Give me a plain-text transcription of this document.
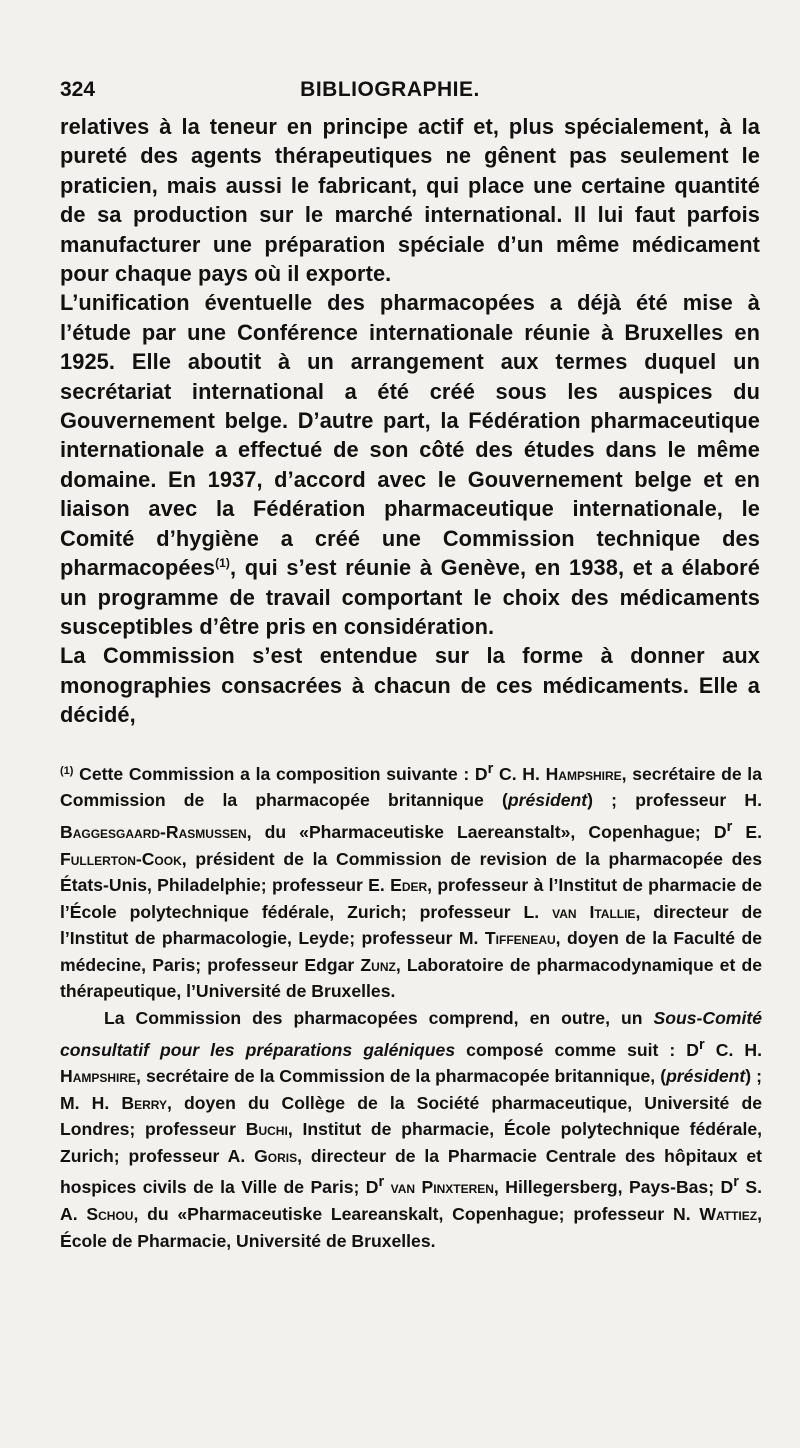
324	BIBLIOGRAPHIE.

relatives à la teneur en principe actif et, plus spécialement, à la pureté des agents thérapeutiques ne gênent pas seulement le praticien, mais aussi le fabricant, qui place une certaine quantité de sa production sur le marché international. Il lui faut parfois manufacturer une préparation spéciale d’un même médicament pour chaque pays où il exporte.

L’unification éventuelle des pharmacopées a déjà été mise à l’étude par une Conférence internationale réunie à Bruxelles en 1925. Elle aboutit à un arrangement aux termes duquel un secrétariat international a été créé sous les auspices du Gouvernement belge. D’autre part, la Fédération pharmaceutique internationale a effectué de son côté des études dans le même domaine. En 1937, d’accord avec le Gouvernement belge et en liaison avec la Fédération pharmaceutique internationale, le Comité d’hygiène a créé une Commission technique des pharmacopées$^{(1)}$, qui s’est réunie à Genève, en 1938, et a élaboré un programme de travail comportant le choix des médicaments susceptibles d’être pris en considération.

La Commission s’est entendue sur la forme à donner aux monographies consacrées à chacun de ces médicaments. Elle a décidé,

$^{(1)}$ Cette Commission a la composition suivante : $D^r$ C. H. Hampshire, secrétaire de la Commission de la pharmacopée britannique (président) ; professeur H. Baggesgaard-Rasmussen, du «Pharmaceutiske Laereanstalt», Copenhague; $D^r$ E. Fullerton-Cook, président de la Commission de revision de la pharmacopée des États-Unis, Philadelphie; professeur E. Eder, professeur à l’Institut de pharmacie de l’École polytechnique fédérale, Zurich; professeur L. van Itallie, directeur de l’Institut de pharmacologie, Leyde; professeur M. Tiffeneau, doyen de la Faculté de médecine, Paris; professeur Edgar Zunz, Laboratoire de pharmacodynamique et de thérapeutique, l’Université de Bruxelles.

La Commission des pharmacopées comprend, en outre, un Sous-Comité consultatif pour les préparations galéniques composé comme suit : $D^r$ C. H. Hampshire, secrétaire de la Commission de la pharmacopée britannique, (président) ; M. H. Berry, doyen du Collège de la Société pharmaceutique, Université de Londres; professeur Buchi, Institut de pharmacie, École polytechnique fédérale, Zurich; professeur A. Goris, directeur de la Pharmacie Centrale des hôpitaux et hospices civils de la Ville de Paris; $D^r$ van Pinxteren, Hillegersberg, Pays-Bas; $D^r$ S. A. Schou, du «Pharmaceutiske Leareanskalt, Copenhague; professeur N. Wattiez, École de Pharmacie, Université de Bruxelles.
